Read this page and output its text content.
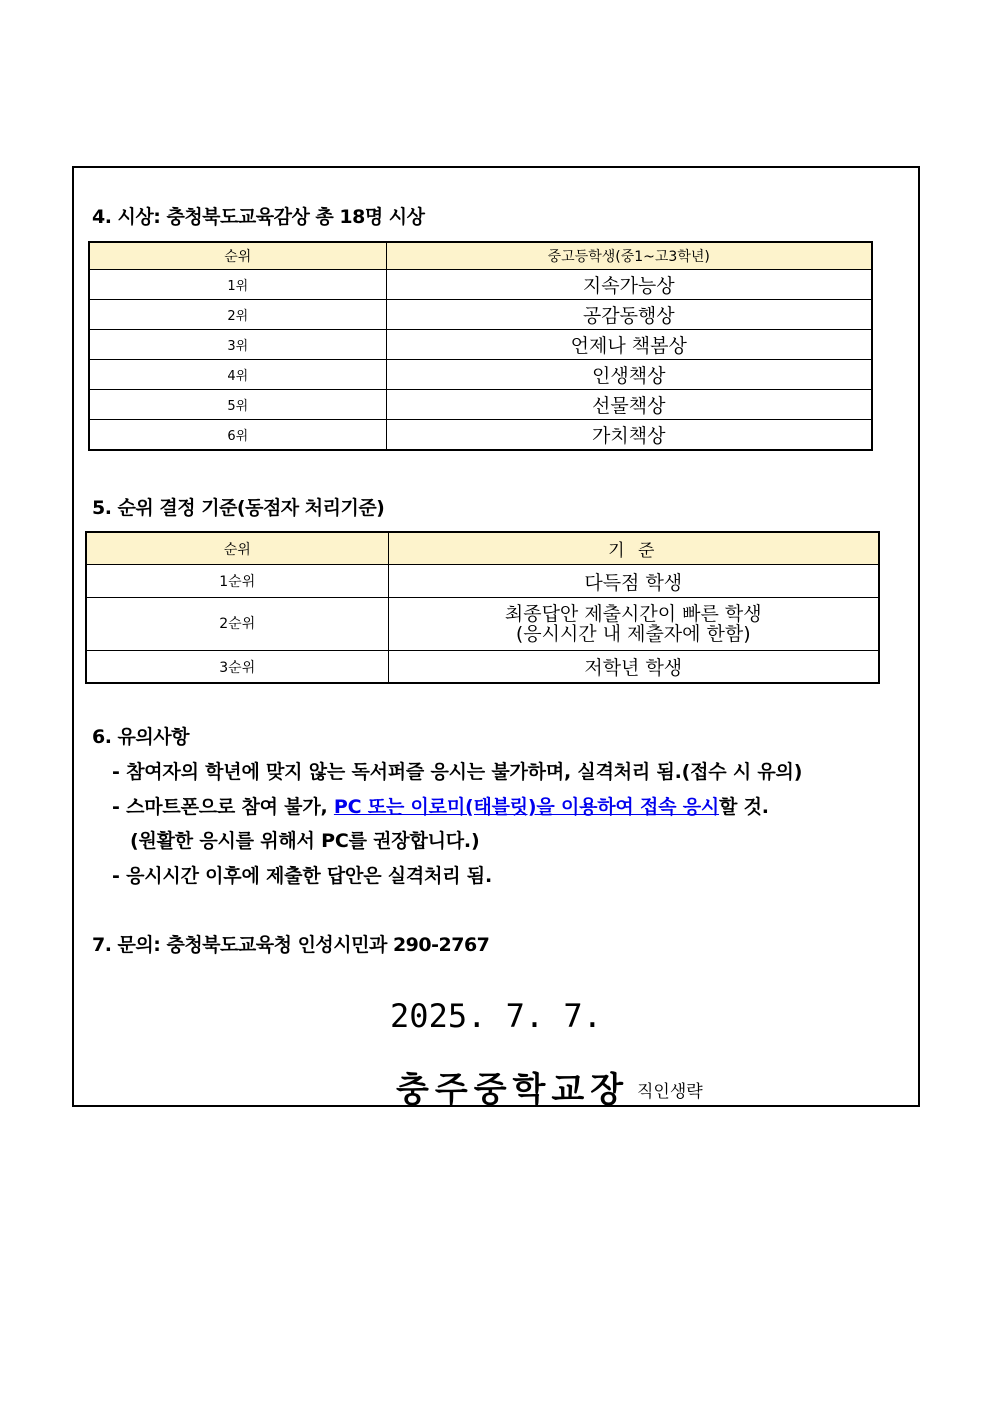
4. 시상: 충청북도교육감상 총 18명 시상
순위	중고등학생(중1~고3학년)
1위	지속가능상
2위	공감동행상
3위	언제나 책봄상
4위	인생책상
5위	선물책상
6위	가치책상
5. 순위 결정 기준(동점자 처리기준)
순위	기 준
1순위	다득점 학생
2순위	최종답안 제출시간이 빠른 학생
(응시시간 내 제출자에 한함)

3순위	저학년 학생
6. 유의사항
- 참여자의 학년에 맞지 않는 독서퍼즐 응시는 불가하며, 실격처리 됨.(접수 시 유의)
- 스마트폰으로 참여 불가, PC 또는 이로미(태블릿)을 이용하여 접속 응시할 것.
(원활한 응시를 위해서 PC를 권장합니다.)
- 응시시간 이후에 제출한 답안은 실격처리 됨.
7. 문의: 충청북도교육청 인성시민과 290-2767
2025. 7. 7.
충주중학교장 직인생략
